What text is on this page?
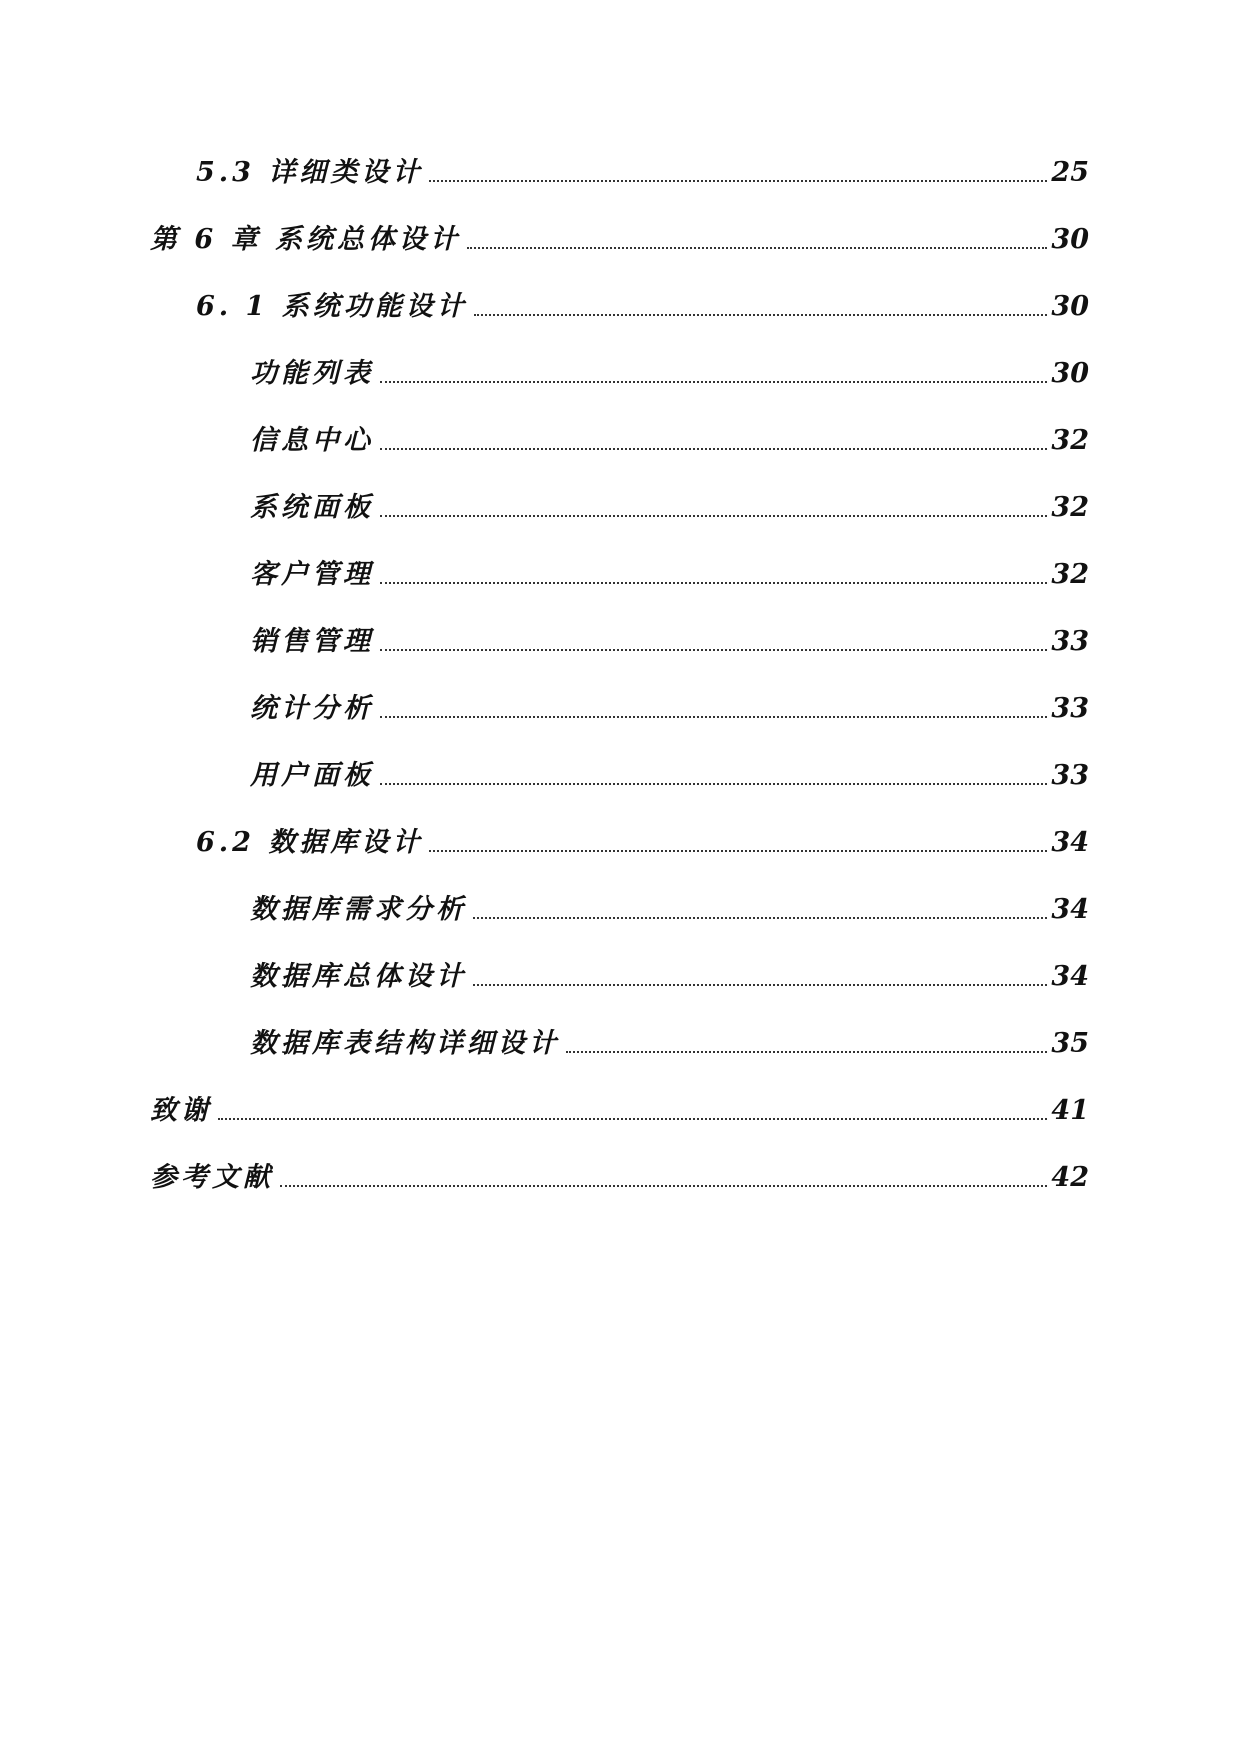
5.3 详细类设计	25
第 6 章 系统总体设计	30
6. 1 系统功能设计	30
功能列表	30
信息中心	32
系统面板	32
客户管理	32
销售管理	33
统计分析	33
用户面板	33
6.2 数据库设计	34
数据库需求分析	34
数据库总体设计	34
数据库表结构详细设计	35
致谢	41
参考文献	42
